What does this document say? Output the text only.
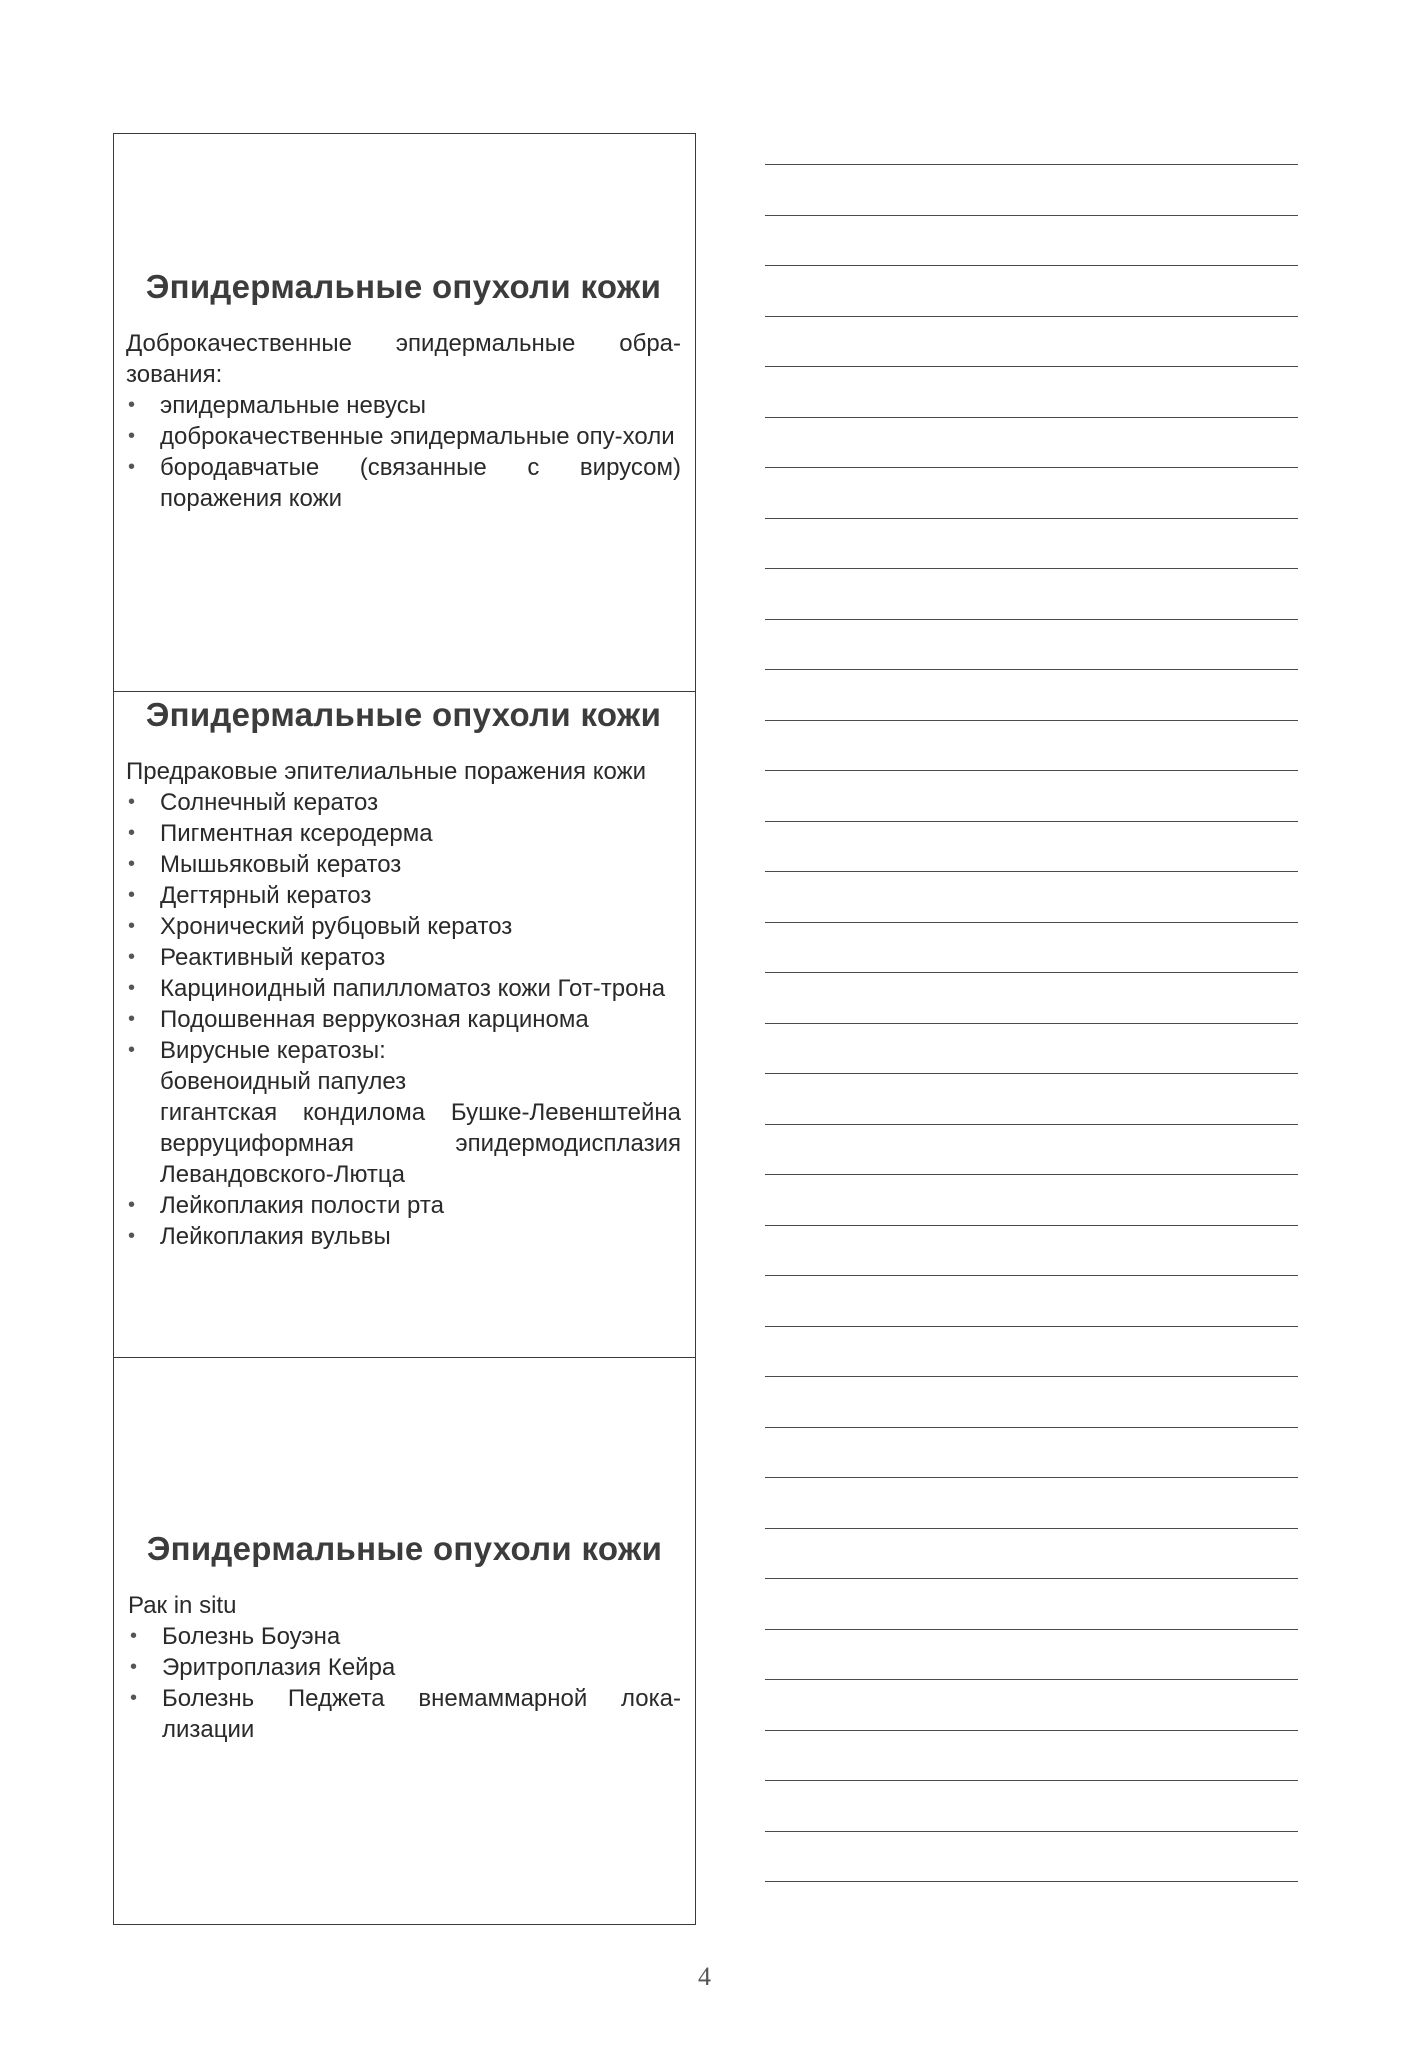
Эпидермальные опухоли кожи

Доброкачественные эпидермальные обра-зования:

• эпидермальные невусы
• доброкачественные эпидермальные опу-холи
• бородавчатые (связанные с вирусом) поражения кожи
Эпидермальные опухоли кожи

Предраковые эпителиальные поражения кожи

• Солнечный кератоз
• Пигментная ксеродерма
• Мышьяковый кератоз
• Дегтярный кератоз
• Хронический рубцовый кератоз
• Реактивный кератоз
• Карциноидный папилломатоз кожи Гот-трона
• Подошвенная веррукозная карцинома
• Вирусные кератозы:
бовеноидный папулез
гигантская кондилома Бушке-Левенштейна
верруциформная эпидермодисплазия Левандовского-Лютца
• Лейкоплакия полости рта
• Лейкоплакия вульвы
Эпидермальные опухоли кожи

Рак in situ

• Болезнь Боуэна
• Эритроплазия Кейра
• Болезнь Педжета внемаммарной лока-лизации
4
